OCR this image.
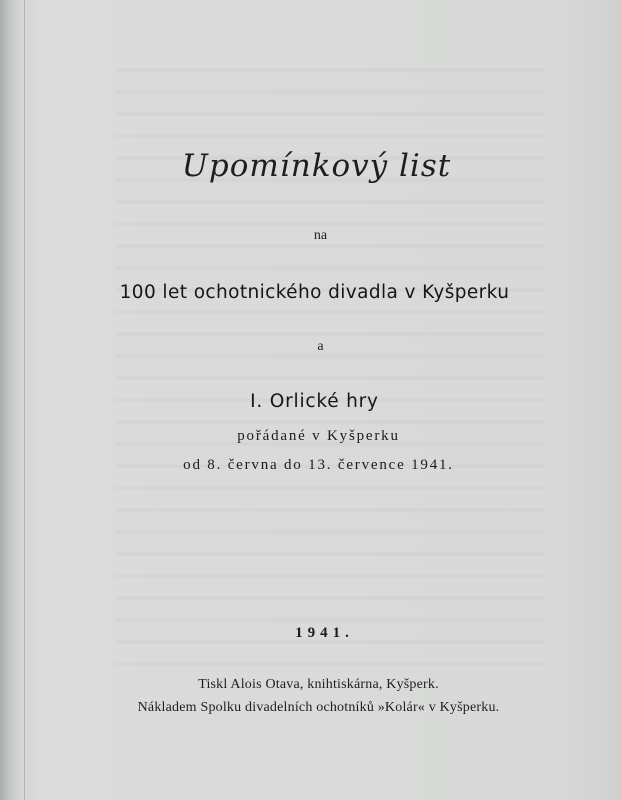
Upomínkový list
na
100 let ochotnického divadla v Kyšperku
a
I. Orlické hry
pořádané v Kyšperku
od 8. června do 13. července 1941.
1941.
Tiskl Alois Otava, knihtiskárna, Kyšperk.
Nákladem Spolku divadelních ochotníků »Kolár« v Kyšperku.
